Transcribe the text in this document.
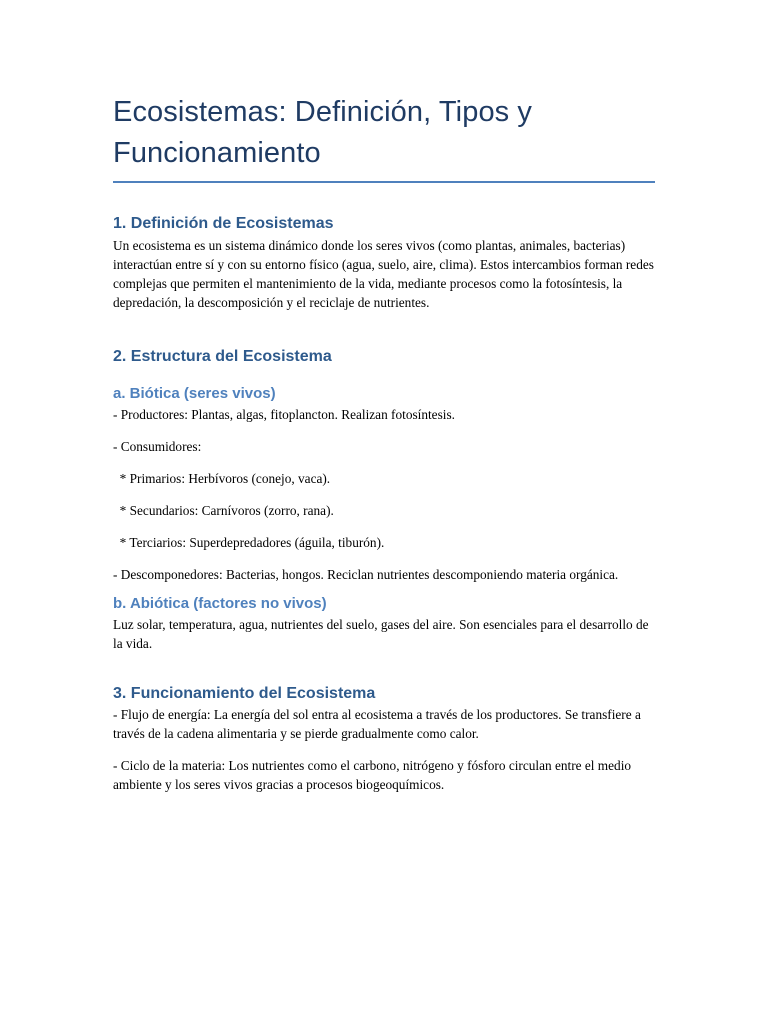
Ecosistemas: Definición, Tipos y Funcionamiento
1. Definición de Ecosistemas

Un ecosistema es un sistema dinámico donde los seres vivos (como plantas, animales, bacterias) interactúan entre sí y con su entorno físico (agua, suelo, aire, clima). Estos intercambios forman redes complejas que permiten el mantenimiento de la vida, mediante procesos como la fotosíntesis, la depredación, la descomposición y el reciclaje de nutrientes.

2. Estructura del Ecosistema
a. Biótica (seres vivos)

- Productores: Plantas, algas, fitoplancton. Realizan fotosíntesis.

- Consumidores:

* Primarios: Herbívoros (conejo, vaca).

* Secundarios: Carnívoros (zorro, rana).

* Terciarios: Superdepredadores (águila, tiburón).

- Descomponedores: Bacterias, hongos. Reciclan nutrientes descomponiendo materia orgánica.

b. Abiótica (factores no vivos)

Luz solar, temperatura, agua, nutrientes del suelo, gases del aire. Son esenciales para el desarrollo de la vida.

3. Funcionamiento del Ecosistema

- Flujo de energía: La energía del sol entra al ecosistema a través de los productores. Se transfiere a través de la cadena alimentaria y se pierde gradualmente como calor.

- Ciclo de la materia: Los nutrientes como el carbono, nitrógeno y fósforo circulan entre el medio ambiente y los seres vivos gracias a procesos biogeoquímicos.
